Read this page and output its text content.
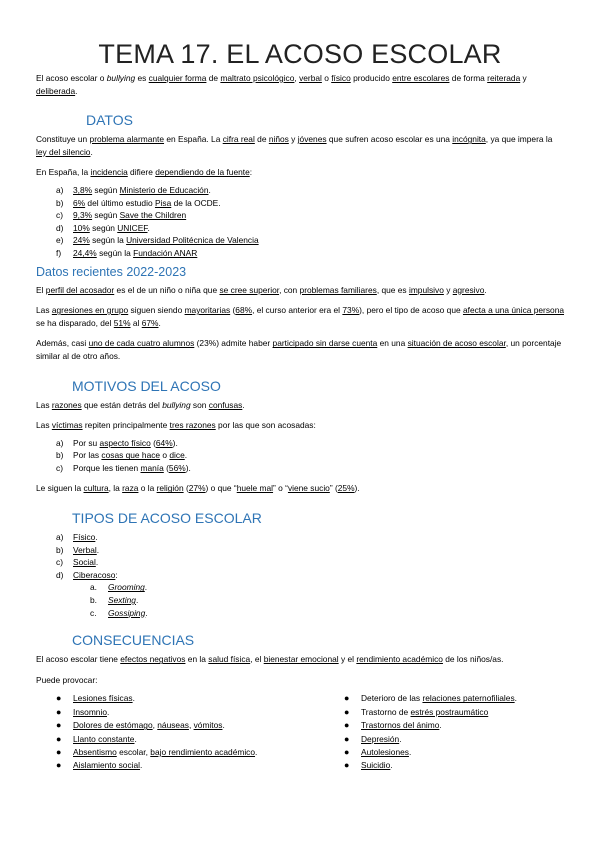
TEMA 17. EL ACOSO ESCOLAR

El acoso escolar o bullying es cualquier forma de maltrato psicológico, verbal o físico producido entre escolares de forma reiterada y deliberada.

DATOS

Constituye un problema alarmante en España. La cifra real de niños y jóvenes que sufren acoso escolar es una incógnita, ya que impera la ley del silencio.

En España, la incidencia difiere dependiendo de la fuente:

a)	3,8% según Ministerio de Educación.
b)	6% del último estudio Pisa de la OCDE.
c)	9,3% según Save the Children
d)	10% según UNICEF.
e)	24% según la Universidad Politécnica de Valencia
f)	24,4% según la Fundación ANAR
Datos recientes 2022-2023

El perfil del acosador es el de un niño o niña que se cree superior, con problemas familiares, que es impulsivo y agresivo.

Las agresiones en grupo siguen siendo mayoritarias (68%, el curso anterior era el 73%), pero el tipo de acoso que afecta a una única persona se ha disparado, del 51% al 67%.

Además, casi uno de cada cuatro alumnos (23%) admite haber participado sin darse cuenta en una situación de acoso escolar, un porcentaje similar al de otro años.

MOTIVOS DEL ACOSO

Las razones que están detrás del bullying son confusas.

Las víctimas repiten principalmente tres razones por las que son acosadas:

a)	Por su aspecto físico (64%).
b)	Por las cosas que hace o dice.
c)	Porque les tienen manía (56%).

Le siguen la cultura, la raza o la religión (27%) o que “huele mal” o “viene sucio” (25%).

TIPOS DE ACOSO ESCOLAR
a)	Físico.
b)	Verbal.
c)	Social.
d)	Ciberacoso:
a.	Grooming.
b.	Sexting.
c.	Gossiping.
CONSECUENCIAS

El acoso escolar tiene efectos negativos en la salud física, el bienestar emocional y el rendimiento académico de los niños/as.

Puede provocar:

●	Lesiones físicas.
●	Insomnio.
●	Dolores de estómago, náuseas, vómitos.
●	Llanto constante.
●	Absentismo escolar, bajo rendimiento académico.
●	Aislamiento social.
●	Deterioro de las relaciones paternofiliales.
●	Trastorno de estrés postraumático
●	Trastornos del ánimo.
●	Depresión.
●	Autolesiones.
●	Suicidio.
